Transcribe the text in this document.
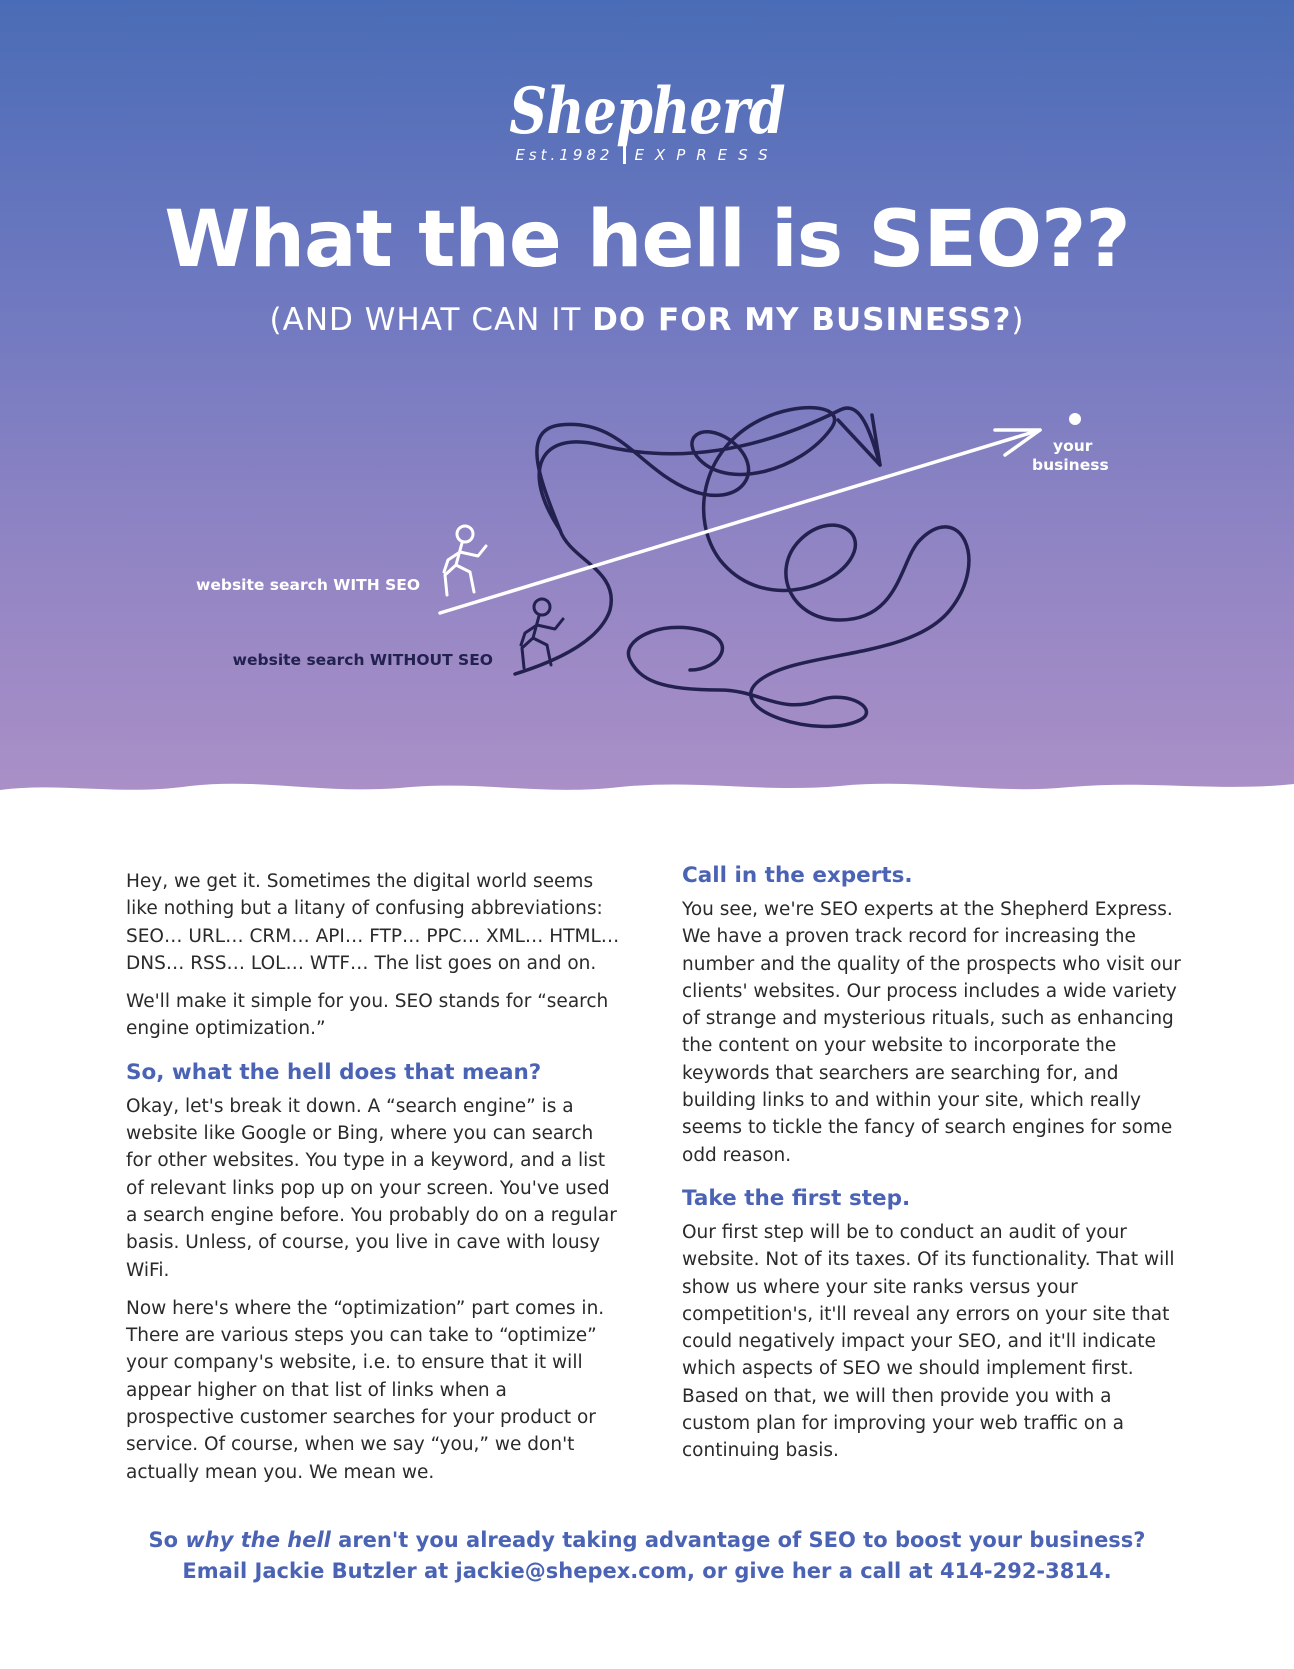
Shepherd
Est.1982	EXPRESS
What the hell is SEO??
(AND WHAT CAN IT DO FOR MY BUSINESS?)
website search WITH SEO
website search WITHOUT SEO
your
business

Hey, we get it. Sometimes the digital world seems like nothing but a litany of confusing abbreviations: SEO… URL… CRM… API… FTP… PPC… XML… HTML… DNS… RSS… LOL… WTF… The list goes on and on.

We'll make it simple for you. SEO stands for “search engine optimization.”

So, what the hell does that mean?

Okay, let's break it down. A “search engine” is a website like Google or Bing, where you can search for other websites. You type in a keyword, and a list of relevant links pop up on your screen. You've used a search engine before. You probably do on a regular basis. Unless, of course, you live in cave with lousy WiFi.

Now here's where the “optimization” part comes in. There are various steps you can take to “optimize” your company's website, i.e. to ensure that it will appear higher on that list of links when a prospective customer searches for your product or service. Of course, when we say “you,” we don't actually mean you. We mean we.

Call in the experts.

You see, we're SEO experts at the Shepherd Express. We have a proven track record for increasing the number and the quality of the prospects who visit our clients' websites. Our process includes a wide variety of strange and mysterious rituals, such as enhancing the content on your website to incorporate the keywords that searchers are searching for, and building links to and within your site, which really seems to tickle the fancy of search engines for some odd reason.

Take the first step.

Our first step will be to conduct an audit of your website. Not of its taxes. Of its functionality. That will show us where your site ranks versus your competition's, it'll reveal any errors on your site that could negatively impact your SEO, and it'll indicate which aspects of SEO we should implement first. Based on that, we will then provide you with a custom plan for improving your web traffic on a continuing basis.

So why the hell aren't you already taking advantage of SEO to boost your business?
Email Jackie Butzler at jackie@shepex.com, or give her a call at 414-292-3814.
